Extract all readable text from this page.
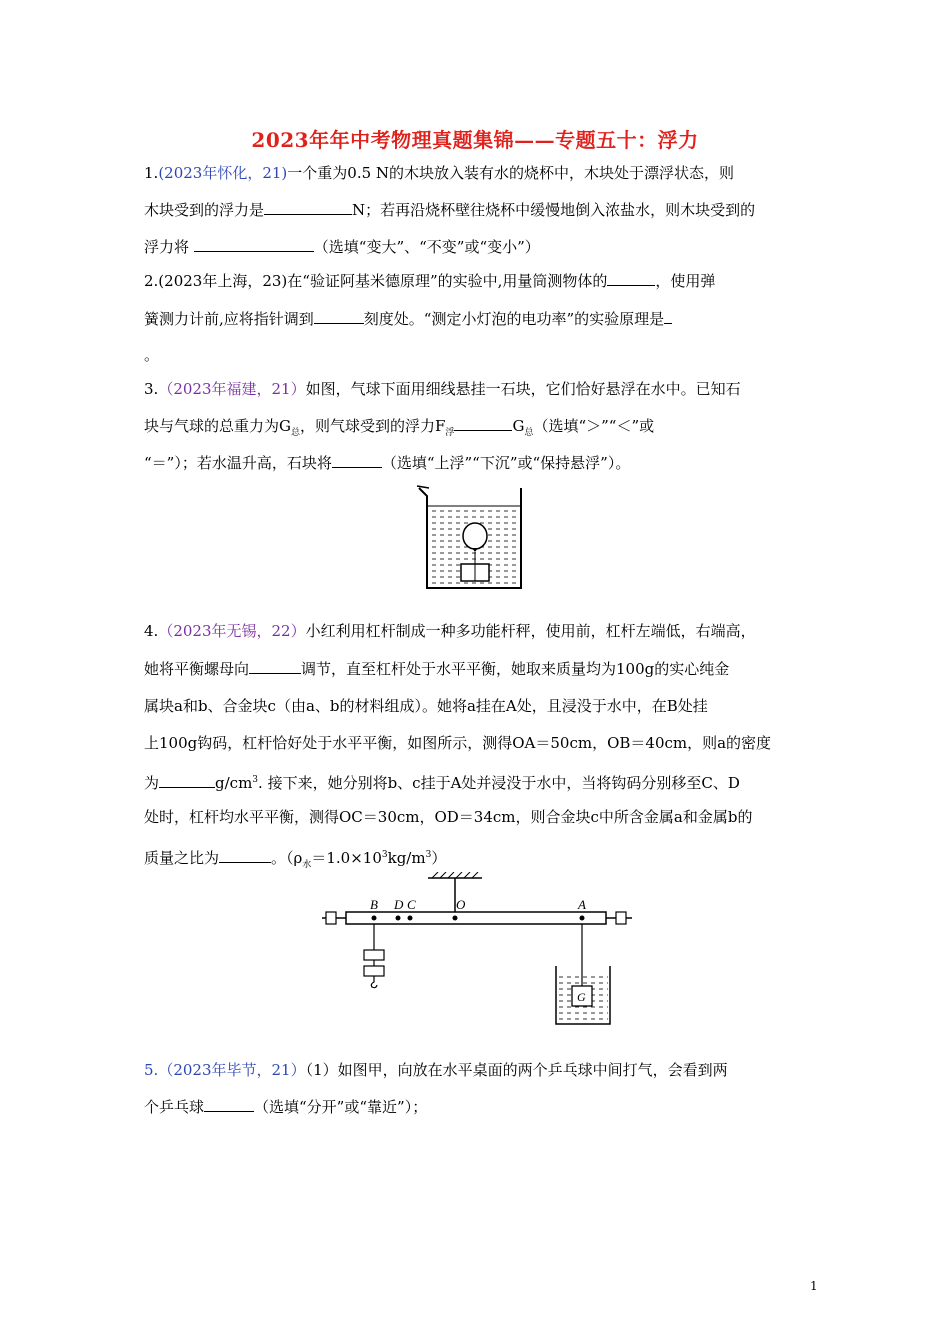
2023年年中考物理真题集锦——专题五十：浮力
1.(2023年怀化，21)一个重为0.5 N的木块放入装有水的烧杯中，木块处于漂浮状态，则
木块受到的浮力是	N；若再沿烧杯壁往烧杯中缓慢地倒入浓盐水，则木块受到的
浮力将	（选填“变大”、“不变”或“变小”）
2.(2023年上海，23)在“验证阿基米德原理”的实验中,用量筒测物体的	，使用弹
簧测力计前,应将指针调到	刻度处。“测定小灯泡的电功率”的实验原理是
。
3.（2023年福建，21）如图，气球下面用细线悬挂一石块，它们恰好悬浮在水中。已知石
块与气球的总重力为$G_总$，则气球受到的浮力$F_浮$	$G_总$（选填“＞”“＜”或
“＝”）；若水温升高，石块将	（选填“上浮”“下沉”或“保持悬浮”）。
4.（2023年无锡，22）小红利用杠杆制成一种多功能杆秤，使用前，杠杆左端低，右端高，
她将平衡螺母向	调节，直至杠杆处于水平平衡，她取来质量均为100g的实心纯金
属块a和b、合金块c（由a、b的材料组成）。她将a挂在A处，且浸没于水中，在B处挂
上100g钩码，杠杆恰好处于水平平衡，如图所示，测得OA＝50cm，OB＝40cm，则a的密度
为	$g/cm^3$. 接下来，她分别将b、c挂于A处并浸没于水中，当将钩码分别移至C、D
处时，杠杆均水平平衡，测得OC＝30cm，OD＝34cm，则合金块c中所含金属a和金属b的
质量之比为	。$(\rho_水=1.0\times 10^3kg/m^3)$
B D C	O	A
G
5.（2023年毕节，21）（1）如图甲，向放在水平桌面的两个乒乓球中间打气，会看到两
个乒乓球	（选填“分开”或“靠近”）；
1
